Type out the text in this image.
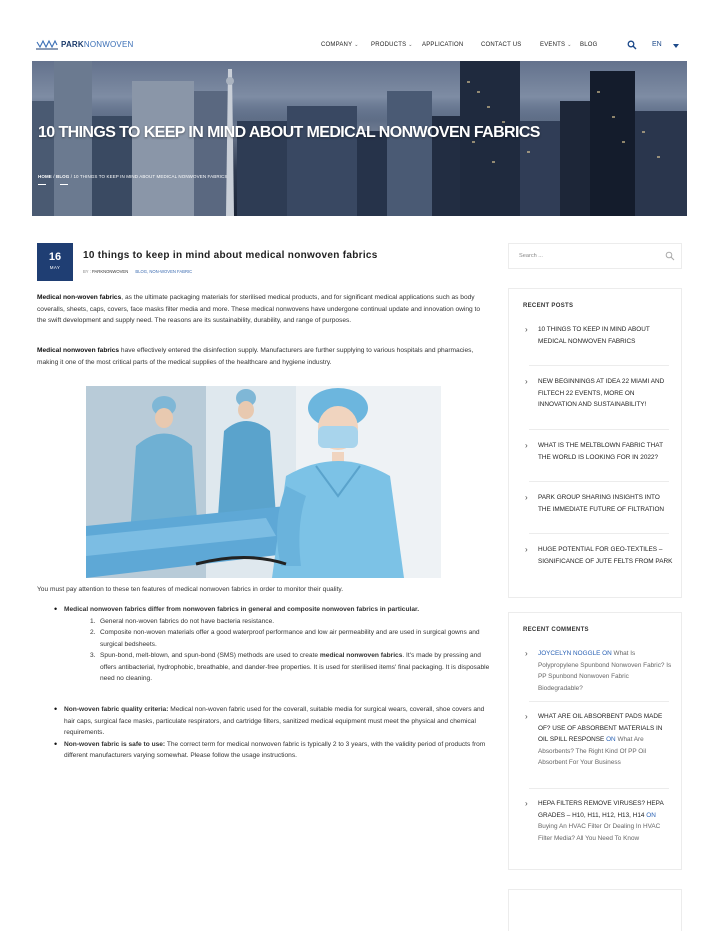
PARKNONWOVEN	COMPANY ⌄ PRODUCTS ⌄ APPLICATION	CONTACT US	EVENTS ⌄ BLOG	EN
10 THINGS TO KEEP IN MIND ABOUT MEDICAL NONWOVEN FABRICS
HOME / BLOG / 10 THINGS TO KEEP IN MIND ABOUT MEDICAL NONWOVEN FABRICS
16
MAY
10 things to keep in mind about medical nonwoven fabrics
BY : PARKNONWOVEN BLOG, NON-WOVEN FABRIC
Medical non-woven fabrics, as the ultimate packaging materials for sterilised medical products, and for significant medical applications such as body coveralls, sheets, caps, covers, face masks filter media and more. These medical nonwovens have undergone continual update and innovation owing to the swift development and supply need. The reasons are its sustainability, durability, and range of purposes.
Medical nonwoven fabrics have effectively entered the disinfection supply. Manufacturers are further supplying to various hospitals and pharmacies, making it one of the most critical parts of the medical supplies of the healthcare and hygiene industry.
You must pay attention to these ten features of medical nonwoven fabrics in order to monitor their quality.
• Medical nonwoven fabrics differ from nonwoven fabrics in general and composite nonwoven fabrics in particular.
1. General non-woven fabrics do not have bacteria resistance.
2. Composite non-woven materials offer a good waterproof performance and low air permeability and are used in surgical gowns and surgical bedsheets.
3. Spun-bond, melt-blown, and spun-bond (SMS) methods are used to create medical nonwoven fabrics. It's made by pressing and offers antibacterial, hydrophobic, breathable, and dander-free properties. It is used for sterilised items' final packaging. It is disposable need no cleaning.
• Non-woven fabric quality criteria: Medical non-woven fabric used for the coverall, suitable media for surgical wears, coverall, shoe covers and hair caps, surgical face masks, particulate respirators, and cartridge filters, sanitized medical equipment must meet the physical and chemical requirements.
• Non-woven fabric is safe to use: The correct term for medical nonwoven fabric is typically 2 to 3 years, with the validity period of products from different manufacturers varying somewhat. Please follow the usage instructions.
Search ...
RECENT POSTS
› 10 THINGS TO KEEP IN MIND ABOUT MEDICAL NONWOVEN FABRICS
› NEW BEGINNINGS AT IDEA 22 MIAMI AND FILTECH 22 EVENTS, MORE ON INNOVATION AND SUSTAINABILITY!
› WHAT IS THE MELTBLOWN FABRIC THAT THE WORLD IS LOOKING FOR IN 2022?
› PARK GROUP SHARING INSIGHTS INTO THE IMMEDIATE FUTURE OF FILTRATION
› HUGE POTENTIAL FOR GEO-TEXTILES – SIGNIFICANCE OF JUTE FELTS FROM PARK
RECENT COMMENTS
› JOYCELYN NOGGLE ON What Is Polypropylene Spunbond Nonwoven Fabric? Is PP Spunbond Nonwoven Fabric Biodegradable?
› WHAT ARE OIL ABSORBENT PADS MADE OF? USE OF ABSORBENT MATERIALS IN OIL SPILL RESPONSE ON What Are Absorbents? The Right Kind Of PP Oil Absorbent For Your Business
› HEPA FILTERS REMOVE VIRUSES? HEPA GRADES – H10, H11, H12, H13, H14 ON Buying An HVAC Filter Or Dealing In HVAC Filter Media? All You Need To Know
